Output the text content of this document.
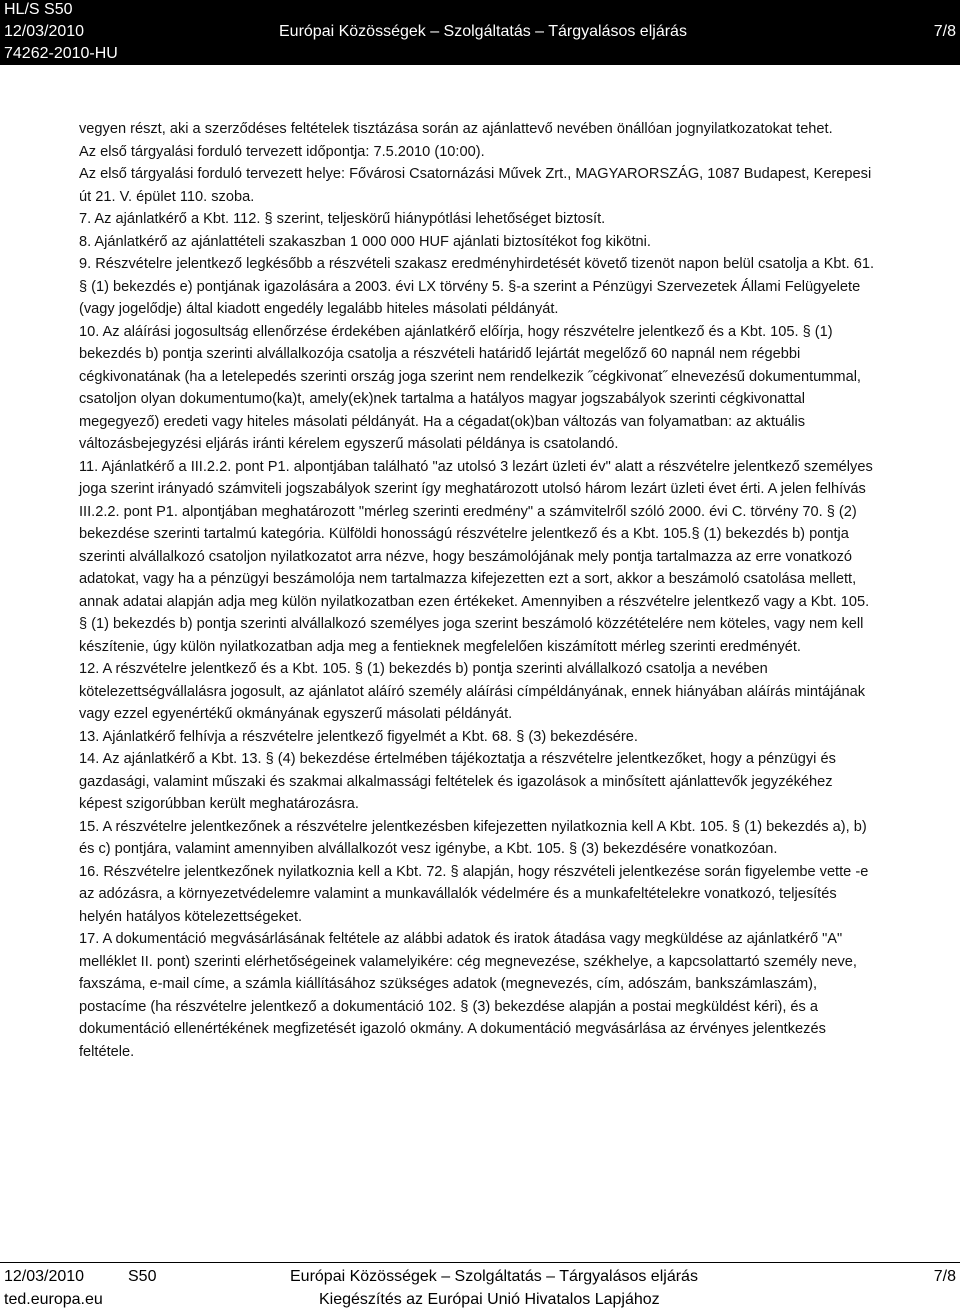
HL/S S50
12/03/2010
74262-2010-HU
Európai Közösségek – Szolgáltatás – Tárgyalásos eljárás	7/8

vegyen részt, aki a szerződéses feltételek tisztázása során az ajánlattevő nevében önállóan jognyilatkozatokat tehet.

Az első tárgyalási forduló tervezett időpontja: 7.5.2010 (10:00).

Az első tárgyalási forduló tervezett helye: Fővárosi Csatornázási Művek Zrt., MAGYARORSZÁG, 1087 Budapest, Kerepesi út 21. V. épület 110. szoba.

7. Az ajánlatkérő a Kbt. 112. § szerint, teljeskörű hiánypótlási lehetőséget biztosít.

8. Ajánlatkérő az ajánlattételi szakaszban 1 000 000 HUF ajánlati biztosítékot fog kikötni.

9. Részvételre jelentkező legkésőbb a részvételi szakasz eredményhirdetését követő tizenöt napon belül csatolja a Kbt. 61. § (1) bekezdés e) pontjának igazolására a 2003. évi LX törvény 5. §-a szerint a Pénzügyi Szervezetek Állami Felügyelete (vagy jogelődje) által kiadott engedély legalább hiteles másolati példányát.

10. Az aláírási jogosultság ellenőrzése érdekében ajánlatkérő előírja, hogy részvételre jelentkező és a Kbt. 105. § (1) bekezdés b) pontja szerinti alvállalkozója csatolja a részvételi határidő lejártát megelőző 60 napnál nem régebbi cégkivonatának (ha a letelepedés szerinti ország joga szerint nem rendelkezik ˝cégkivonat˝ elnevezésű dokumentummal, csatoljon olyan dokumentumo(ka)t, amely(ek)nek tartalma a hatályos magyar jogszabályok szerinti cégkivonattal megegyező) eredeti vagy hiteles másolati példányát. Ha a cégadat(ok)ban változás van folyamatban: az aktuális változásbejegyzési eljárás iránti kérelem egyszerű másolati példánya is csatolandó.

11. Ajánlatkérő a III.2.2. pont P1. alpontjában található "az utolsó 3 lezárt üzleti év" alatt a részvételre jelentkező személyes joga szerint irányadó számviteli jogszabályok szerint így meghatározott utolsó három lezárt üzleti évet érti. A jelen felhívás III.2.2. pont P1. alpontjában meghatározott "mérleg szerinti eredmény" a számvitelről szóló 2000. évi C. törvény 70. § (2) bekezdése szerinti tartalmú kategória. Külföldi honosságú részvételre jelentkező és a Kbt. 105.§ (1) bekezdés b) pontja szerinti alvállalkozó csatoljon nyilatkozatot arra nézve, hogy beszámolójának mely pontja tartalmazza az erre vonatkozó adatokat, vagy ha a pénzügyi beszámolója nem tartalmazza kifejezetten ezt a sort, akkor a beszámoló csatolása mellett, annak adatai alapján adja meg külön nyilatkozatban ezen értékeket. Amennyiben a részvételre jelentkező vagy a Kbt. 105. § (1) bekezdés b) pontja szerinti alvállalkozó személyes joga szerint beszámoló közzétételére nem köteles, vagy nem kell készítenie, úgy külön nyilatkozatban adja meg a fentieknek megfelelően kiszámított mérleg szerinti eredményét.

12. A részvételre jelentkező és a Kbt. 105. § (1) bekezdés b) pontja szerinti alvállalkozó csatolja a nevében kötelezettségvállalásra jogosult, az ajánlatot aláíró személy aláírási címpéldányának, ennek hiányában aláírás mintájának vagy ezzel egyenértékű okmányának egyszerű másolati példányát.

13. Ajánlatkérő felhívja a részvételre jelentkező figyelmét a Kbt. 68. § (3) bekezdésére.

14. Az ajánlatkérő a Kbt. 13. § (4) bekezdése értelmében tájékoztatja a részvételre jelentkezőket, hogy a pénzügyi és gazdasági, valamint műszaki és szakmai alkalmassági feltételek és igazolások a minősített ajánlattevők jegyzékéhez képest szigorúbban került meghatározásra.

15. A részvételre jelentkezőnek a részvételre jelentkezésben kifejezetten nyilatkoznia kell A Kbt. 105. § (1) bekezdés a), b) és c) pontjára, valamint amennyiben alvállalkozót vesz igénybe, a Kbt. 105. § (3) bekezdésére vonatkozóan.

16. Részvételre jelentkezőnek nyilatkoznia kell a Kbt. 72. § alapján, hogy részvételi jelentkezése során figyelembe vette -e az adózásra, a környezetvédelemre valamint a munkavállalók védelmére és a munkafeltételekre vonatkozó, teljesítés helyén hatályos kötelezettségeket.

17. A dokumentáció megvásárlásának feltétele az alábbi adatok és iratok átadása vagy megküldése az ajánlatkérő "A" melléklet II. pont) szerinti elérhetőségeinek valamelyikére: cég megnevezése, székhelye, a kapcsolattartó személy neve, faxszáma, e-mail címe, a számla kiállításához szükséges adatok (megnevezés, cím, adószám, bankszámlaszám), postacíme (ha részvételre jelentkező a dokumentáció 102. § (3) bekezdése alapján a postai megküldést kéri), és a dokumentáció ellenértékének megfizetését igazoló okmány. A dokumentáció megvásárlása az érvényes jelentkezés feltétele.

12/03/2010	S50
ted.europa.eu
Európai Közösségek – Szolgáltatás – Tárgyalásos eljárás
Kiegészítés az Európai Unió Hivatalos Lapjához
7/8
